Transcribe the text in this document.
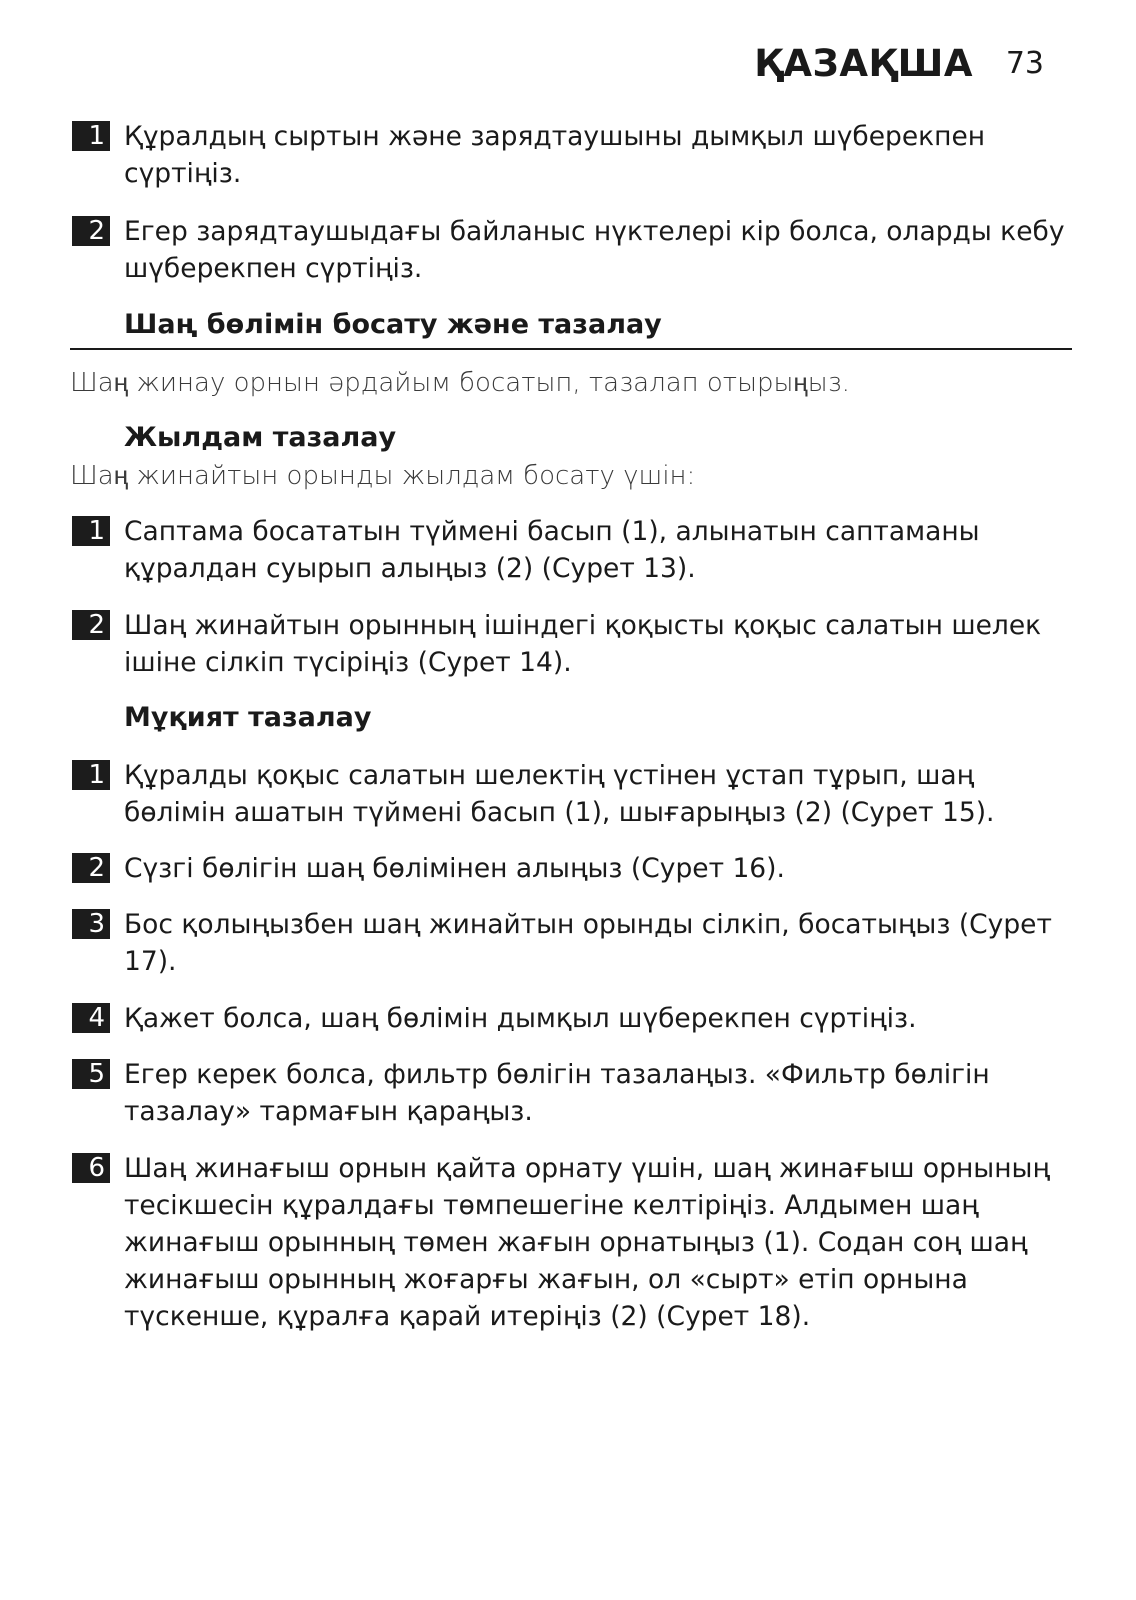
ҚАЗАҚША 73
1 Құралдың сыртын және зарядтаушыны дымқыл шүберекпен сүртіңіз.
2 Егер зарядтаушыдағы байланыс нүктелері кір болса, оларды кебу шүберекпен сүртіңіз.
Шаң бөлімін босату және тазалау
Шаң жинау орнын әрдайым босатып, тазалап отырыңыз.
Жылдам тазалау
Шаң жинайтын орынды жылдам босату үшін:
1 Саптама босататын түймені басып (1), алынатын саптаманы құралдан суырып алыңыз (2) (Сурет 13).
2 Шаң жинайтын орынның ішіндегі қоқысты қоқыс салатын шелек ішіне сілкіп түсіріңіз (Сурет 14).
Мұқият тазалау
1 Құралды қоқыс салатын шелектің үстінен ұстап тұрып, шаң бөлімін ашатын түймені басып (1), шығарыңыз (2) (Сурет 15).
2 Сүзгі бөлігін шаң бөлімінен алыңыз (Сурет 16).
3 Бос қолыңызбен шаң жинайтын орынды сілкіп, босатыңыз (Сурет 17).
4 Қажет болса, шаң бөлімін дымқыл шүберекпен сүртіңіз.
5 Егер керек болса, фильтр бөлігін тазалаңыз. «Фильтр бөлігін тазалау» тармағын қараңыз.
6 Шаң жинағыш орнын қайта орнату үшін, шаң жинағыш орнының тесікшесін құралдағы төмпешегіне келтіріңіз. Алдымен шаң жинағыш орынның төмен жағын орнатыңыз (1). Содан соң шаң жинағыш орынның жоғарғы жағын, ол «сырт» етіп орнына түскенше, құралға қарай итеріңіз (2) (Сурет 18).
